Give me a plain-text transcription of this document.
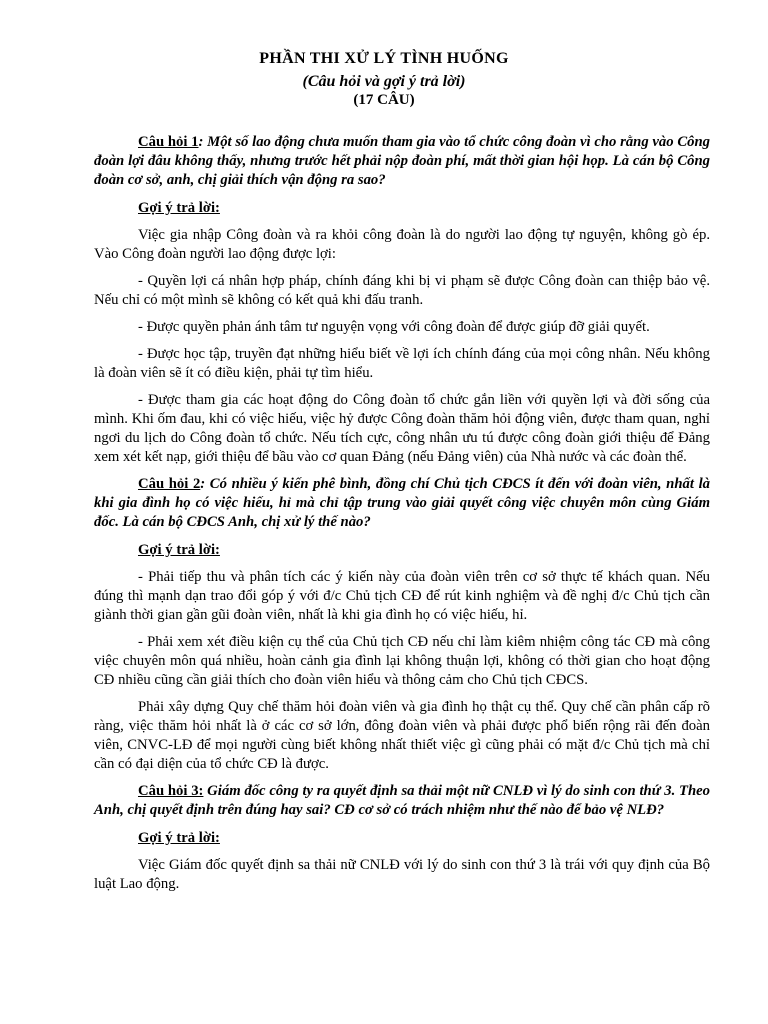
PHẦN THI XỬ LÝ TÌNH HUỐNG
(Câu hỏi và gợi ý trả lời)
(17 CÂU)

Câu hỏi 1: Một số lao động chưa muốn tham gia vào tổ chức công đoàn vì cho rằng vào Công đoàn lợi đâu không thấy, nhưng trước hết phải nộp đoàn phí, mất thời gian hội họp. Là cán bộ Công đoàn cơ sở, anh, chị giải thích vận động ra sao?

Gợi ý trả lời:

Việc gia nhập Công đoàn và ra khỏi công đoàn là do người lao động tự nguyện, không gò ép. Vào Công đoàn người lao động được lợi:

- Quyền lợi cá nhân hợp pháp, chính đáng khi bị vi phạm sẽ được Công đoàn can thiệp bảo vệ. Nếu chỉ có một mình sẽ không có kết quả khi đấu tranh.

- Được quyền phản ánh tâm tư nguyện vọng với công đoàn để được giúp đỡ giải quyết.

- Được học tập, truyền đạt những hiểu biết về lợi ích chính đáng của mọi công nhân. Nếu không là đoàn viên sẽ ít có điều kiện, phải tự tìm hiểu.

- Được tham gia các hoạt động do Công đoàn tổ chức gắn liền với quyền lợi và đời sống của mình. Khi ốm đau, khi có việc hiếu, việc hỷ được Công đoàn thăm hỏi động viên, được tham quan, nghỉ ngơi du lịch do Công đoàn tổ chức. Nếu tích cực, công nhân ưu tú được công đoàn giới thiệu để Đảng xem xét kết nạp, giới thiệu để bầu vào cơ quan Đảng (nếu Đảng viên) của Nhà nước và các đoàn thể.

Câu hỏi 2: Có nhiều ý kiến phê bình, đồng chí Chủ tịch CĐCS ít đến với đoàn viên, nhất là khi gia đình họ có việc hiếu, hỉ mà chỉ tập trung vào giải quyết công việc chuyên môn cùng Giám đốc. Là cán bộ CĐCS Anh, chị xử lý thế nào?

Gợi ý trả lời:

- Phải tiếp thu và phân tích các ý kiến này của đoàn viên trên cơ sở thực tế khách quan. Nếu đúng thì mạnh dạn trao đổi góp ý với đ/c Chủ tịch CĐ để rút kinh nghiệm và đề nghị đ/c Chủ tịch cần giành thời gian gần gũi đoàn viên, nhất là khi gia đình họ có việc hiếu, hỉ.

- Phải xem xét điều kiện cụ thể của Chủ tịch CĐ nếu chỉ làm kiêm nhiệm công tác CĐ mà công việc chuyên môn quá nhiều, hoàn cảnh gia đình lại không thuận lợi, không có thời gian cho hoạt động CĐ nhiều cũng cần giải thích cho đoàn viên hiểu và thông cảm cho Chủ tịch CĐCS.

Phải xây dựng Quy chế thăm hỏi đoàn viên và gia đình họ thật cụ thể. Quy chế cần phân cấp rõ ràng, việc thăm hỏi nhất là ở các cơ sở lớn, đông đoàn viên và phải được phổ biến rộng rãi đến đoàn viên, CNVC-LĐ để mọi người cùng biết không nhất thiết việc gì cũng phải có mặt đ/c Chủ tịch mà chỉ cần có đại diện của tổ chức CĐ là được.

Câu hỏi 3: Giám đốc công ty ra quyết định sa thải một nữ CNLĐ vì lý do sinh con thứ 3. Theo Anh, chị quyết định trên đúng hay sai? CĐ cơ sở có trách nhiệm như thế nào để bảo vệ NLĐ?

Gợi ý trả lời:

Việc Giám đốc quyết định sa thải nữ CNLĐ với lý do sinh con thứ 3 là trái với quy định của Bộ luật Lao động.
